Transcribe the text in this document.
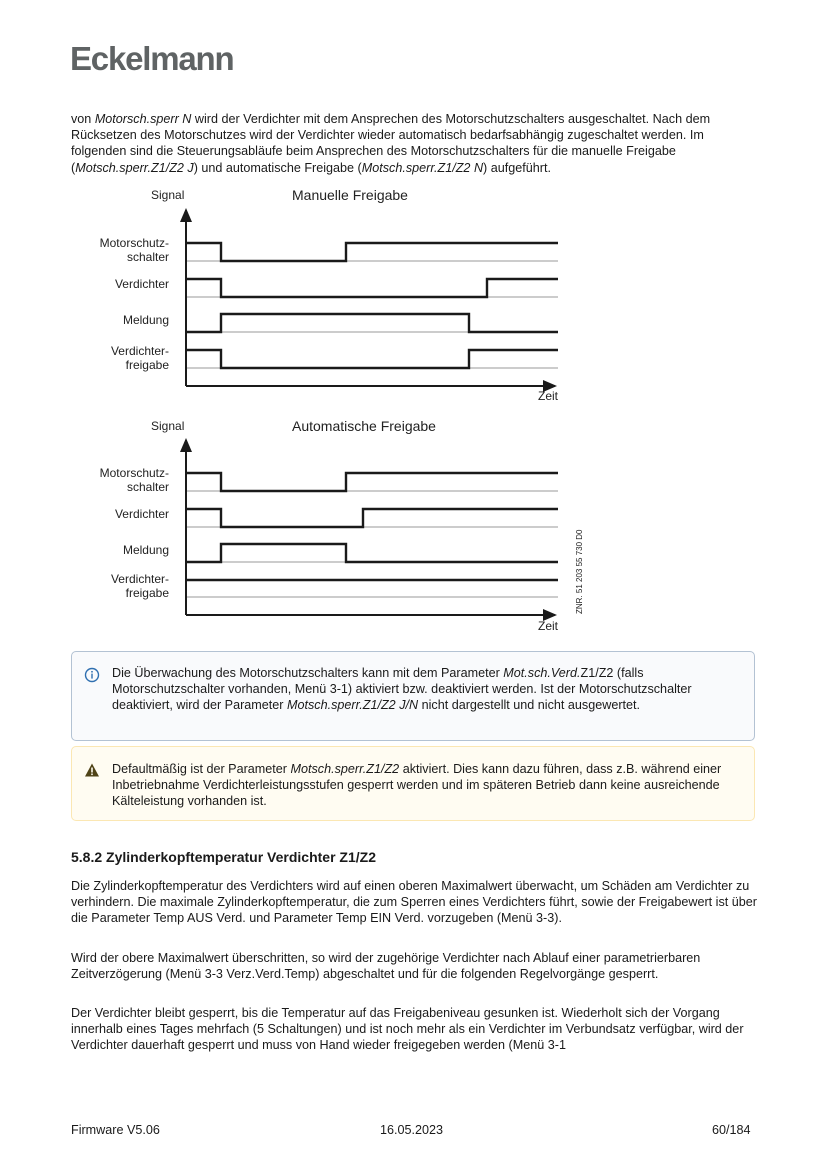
Eckelmann

von Motorsch.sperr N wird der Verdichter mit dem Ansprechen des Motorschutzschalters ausgeschaltet. Nach dem Rücksetzen des Motorschutzes wird der Verdichter wieder automatisch bedarfsabhängig zugeschaltet werden. Im folgenden sind die Steuerungsabläufe beim Ansprechen des Motorschutzschalters für die manuelle Freigabe (Motsch.sperr.Z1/Z2 J) und automatische Freigabe (Motsch.sperr.Z1/Z2 N) aufgeführt.

Signal	Manuelle Freigabe
Zeit
Motorschutz-
schalter
Verdichter
Meldung
Verdichter-
freigabe
Signal	Automatische Freigabe
Zeit
Motorschutz-
schalter
Verdichter
Meldung
Verdichter-
freigabe	ZNR. 51 203 55 730 D0
Die Überwachung des Motorschutzschalters kann mit dem Parameter Mot.sch.Verd.Z1/Z2 (falls Motorschutzschalter vorhanden, Menü 3-1) aktiviert bzw. deaktiviert werden. Ist der Motorschutzschalter deaktiviert, wird der Parameter Motsch.sperr.Z1/Z2 J/N nicht dargestellt und nicht ausgewertet.
Defaultmäßig ist der Parameter Motsch.sperr.Z1/Z2 aktiviert. Dies kann dazu führen, dass z.B. während einer Inbetriebnahme Verdichterleistungsstufen gesperrt werden und im späteren Betrieb dann keine ausreichende Kälteleistung vorhanden ist.
5.8.2 Zylinderkopftemperatur Verdichter Z1/Z2

Die Zylinderkopftemperatur des Verdichters wird auf einen oberen Maximalwert überwacht, um Schäden am Verdichter zu verhindern. Die maximale Zylinderkopftemperatur, die zum Sperren eines Verdichters führt, sowie der Freigabewert ist über die Parameter Temp AUS Verd. und Parameter Temp EIN Verd. vorzugeben (Menü 3-3).

Wird der obere Maximalwert überschritten, so wird der zugehörige Verdichter nach Ablauf einer parametrierbaren Zeitverzögerung (Menü 3-3 Verz.Verd.Temp) abgeschaltet und für die folgenden Regelvorgänge gesperrt.

Der Verdichter bleibt gesperrt, bis die Temperatur auf das Freigabeniveau gesunken ist. Wiederholt sich der Vorgang innerhalb eines Tages mehrfach (5 Schaltungen) und ist noch mehr als ein Verdichter im Verbundsatz verfügbar, wird der Verdichter dauerhaft gesperrt und muss von Hand wieder freigegeben werden (Menü 3-1

Firmware V5.06	16.05.2023	60/184
